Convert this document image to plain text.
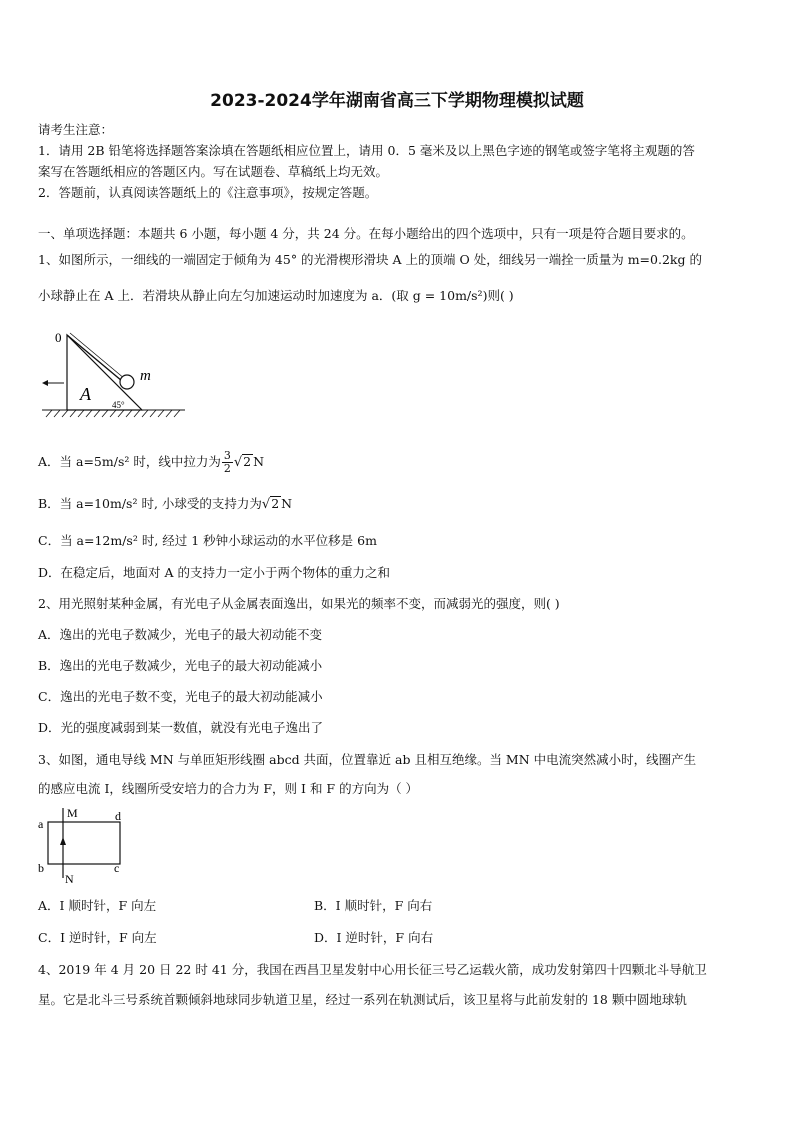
2023-2024学年湖南省高三下学期物理模拟试题
请考生注意：
1．请用 2B 铅笔将选择题答案涂填在答题纸相应位置上，请用 0．5 毫米及以上黑色字迹的钢笔或签字笔将主观题的答
案写在答题纸相应的答题区内。写在试题卷、草稿纸上均无效。
2．答题前，认真阅读答题纸上的《注意事项》，按规定答题。
一、单项选择题：本题共 6 小题，每小题 4 分，共 24 分。在每小题给出的四个选项中，只有一项是符合题目要求的。
1、如图所示，一细线的一端固定于倾角为 45° 的光滑楔形滑块 A 上的顶端 O 处，细线另一端拴一质量为 m=0.2kg 的
小球静止在 A 上．若滑块从静止向左匀加速运动时加速度为 a．(取 g = 10m/s²)则( )
0
m
A
45°
A．当 a=5m/s² 时，线中拉力为 $\frac{3}{2} √2$ N
B．当 a=10m/s² 时, 小球受的支持力为√2 N
C．当 a=12m/s² 时, 经过 1 秒钟小球运动的水平位移是 6m
D．在稳定后，地面对 A 的支持力一定小于两个物体的重力之和
2、用光照射某种金属，有光电子从金属表面逸出，如果光的频率不变，而减弱光的强度，则( )
A．逸出的光电子数减少，光电子的最大初动能不变
B．逸出的光电子数减少，光电子的最大初动能减小
C．逸出的光电子数不变，光电子的最大初动能减小
D．光的强度减弱到某一数值，就没有光电子逸出了
3、如图，通电导线 MN 与单匝矩形线圈 abcd 共面，位置靠近 ab 且相互绝缘。当 MN 中电流突然减小时，线圈产生
的感应电流 I，线圈所受安培力的合力为 F，则 I 和 F 的方向为（ ）
a
b	c
d
M
N
A．I 顺时针，F 向左	B．I 顺时针，F 向右
C．I 逆时针，F 向左	D．I 逆时针，F 向右
4、2019 年 4 月 20 日 22 时 41 分，我国在西昌卫星发射中心用长征三号乙运载火箭，成功发射第四十四颗北斗导航卫
星。它是北斗三号系统首颗倾斜地球同步轨道卫星，经过一系列在轨测试后，该卫星将与此前发射的 18 颗中圆地球轨
